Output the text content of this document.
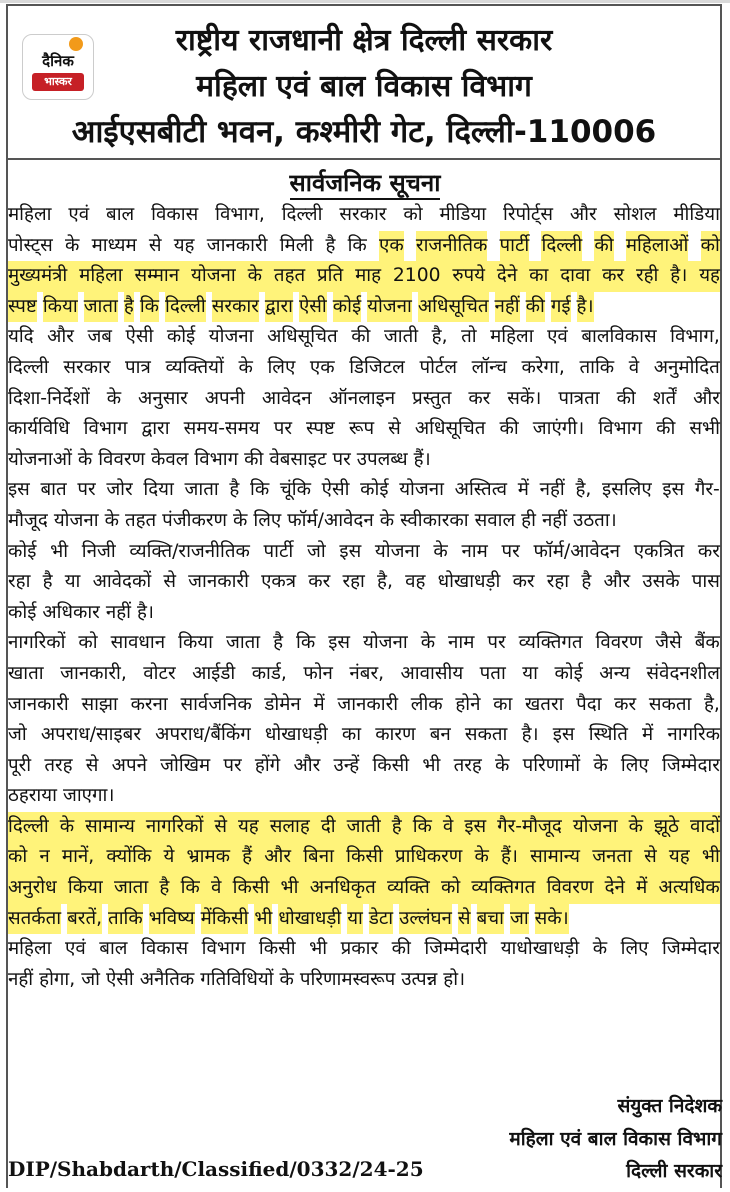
दैनिक
भास्कर
राष्ट्रीय राजधानी क्षेत्र दिल्ली सरकार
महिला एवं बाल विकास विभाग
आईएसबीटी भवन, कश्मीरी गेट, दिल्ली-110006
सार्वजनिक सूचना
महिला एवं बाल विकास विभाग, दिल्ली सरकार को मीडिया रिपोर्ट्स और सोशल मीडिया
पोस्ट्स के माध्यम से यह जानकारी मिली है कि एक राजनीतिक पार्टी दिल्ली की महिलाओं को
मुख्यमंत्री महिला सम्मान योजना के तहत प्रति माह 2100 रुपये देने का दावा कर रही है। यह
स्पष्ट किया जाता है कि दिल्ली सरकार द्वारा ऐसी कोई योजना अधिसूचित नहीं की गई है।
यदि और जब ऐसी कोई योजना अधिसूचित की जाती है, तो महिला एवं बालविकास विभाग,
दिल्ली सरकार पात्र व्यक्तियों के लिए एक डिजिटल पोर्टल लॉन्च करेगा, ताकि वे अनुमोदित
दिशा-निर्देशों के अनुसार अपनी आवेदन ऑनलाइन प्रस्तुत कर सकें। पात्रता की शर्तें और
कार्यविधि विभाग द्वारा समय-समय पर स्पष्ट रूप से अधिसूचित की जाएंगी। विभाग की सभी
योजनाओं के विवरण केवल विभाग की वेबसाइट पर उपलब्ध हैं।
इस बात पर जोर दिया जाता है कि चूंकि ऐसी कोई योजना अस्तित्व में नहीं है, इसलिए इस गैर-
मौजूद योजना के तहत पंजीकरण के लिए फॉर्म/आवेदन के स्वीकारका सवाल ही नहीं उठता।
कोई भी निजी व्यक्ति/राजनीतिक पार्टी जो इस योजना के नाम पर फॉर्म/आवेदन एकत्रित कर
रहा है या आवेदकों से जानकारी एकत्र कर रहा है, वह धोखाधड़ी कर रहा है और उसके पास
कोई अधिकार नहीं है।
नागरिकों को सावधान किया जाता है कि इस योजना के नाम पर व्यक्तिगत विवरण जैसे बैंक
खाता जानकारी, वोटर आईडी कार्ड, फोन नंबर, आवासीय पता या कोई अन्य संवेदनशील
जानकारी साझा करना सार्वजनिक डोमेन में जानकारी लीक होने का खतरा पैदा कर सकता है,
जो अपराध/साइबर अपराध/बैंकिंग धोखाधड़ी का कारण बन सकता है। इस स्थिति में नागरिक
पूरी तरह से अपने जोखिम पर होंगे और उन्हें किसी भी तरह के परिणामों के लिए जिम्मेदार
ठहराया जाएगा।
दिल्ली के सामान्य नागरिकों से यह सलाह दी जाती है कि वे इस गैर-मौजूद योजना के झूठे वादों
को न मानें, क्योंकि ये भ्रामक हैं और बिना किसी प्राधिकरण के हैं। सामान्य जनता से यह भी
अनुरोध किया जाता है कि वे किसी भी अनधिकृत व्यक्ति को व्यक्तिगत विवरण देने में अत्यधिक
सतर्कता बरतें, ताकि भविष्य मेंकिसी भी धोखाधड़ी या डेटा उल्लंघन से बचा जा सके।
महिला एवं बाल विकास विभाग किसी भी प्रकार की जिम्मेदारी याधोखाधड़ी के लिए जिम्मेदार
नहीं होगा, जो ऐसी अनैतिक गतिविधियों के परिणामस्वरूप उत्पन्न हो।
संयुक्त निदेशक
महिला एवं बाल विकास विभाग
दिल्ली सरकार
DIP/Shabdarth/Classified/0332/24-25
